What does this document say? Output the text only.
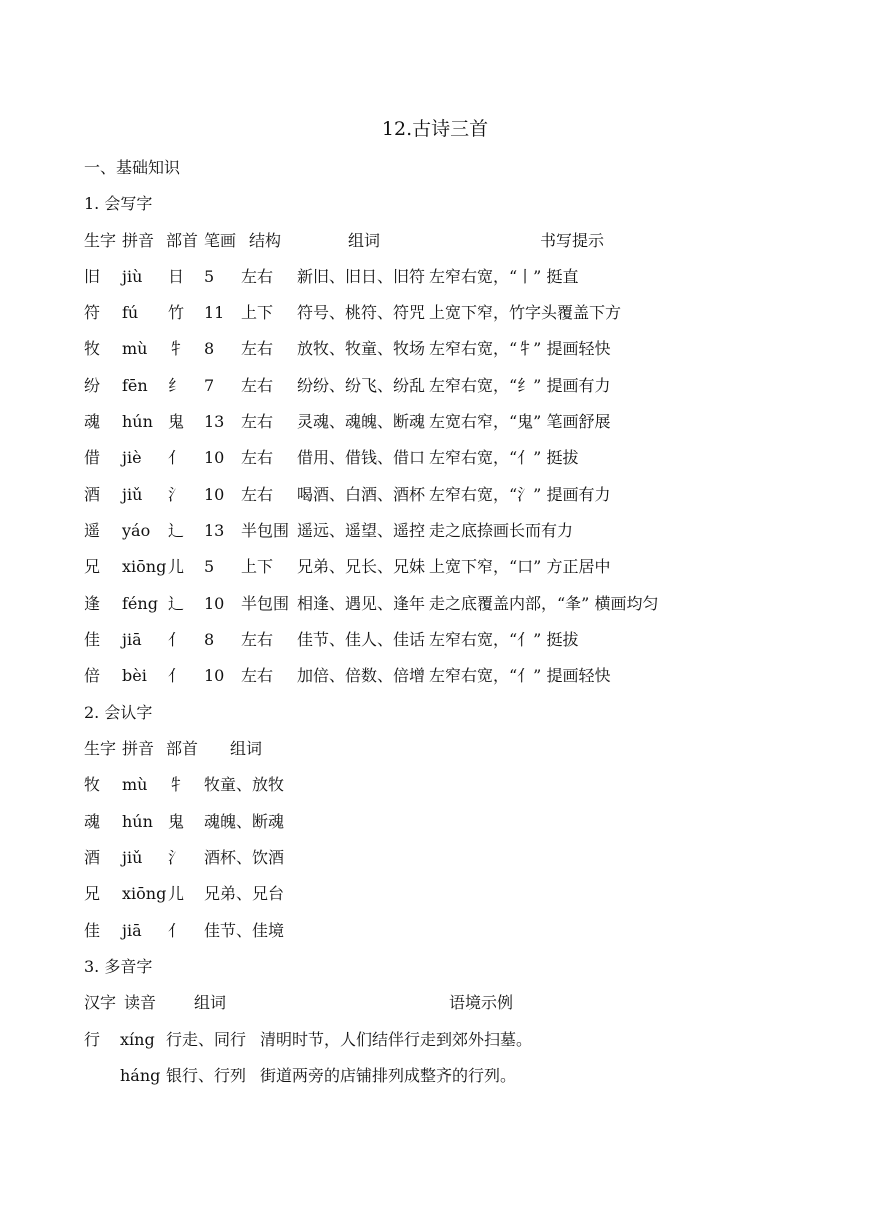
12.古诗三首
一、基础知识
1. 会写字
生字 拼音 部首 笔画 结构	组词	书写提示
旧 jiù 日 5 左右 新旧、旧日、旧符 左窄右宽，“丨” 挺直
符 fú 竹 11 上下 符号、桃符、符咒 上宽下窄，竹字头覆盖下方
牧 mù 牜 8 左右 放牧、牧童、牧场 左窄右宽，“牜” 提画轻快
纷 fēn 纟 7 左右 纷纷、纷飞、纷乱 左窄右宽，“纟” 提画有力
魂 hún 鬼 13 左右 灵魂、魂魄、断魂 左宽右窄，“鬼” 笔画舒展
借 jiè 亻 10 左右 借用、借钱、借口 左窄右宽，“亻” 挺拔
酒 jiǔ 氵 10 左右 喝酒、白酒、酒杯 左窄右宽，“氵” 提画有力
遥 yáo 辶 13 半包围 遥远、遥望、遥控 走之底捺画长而有力
兄 xiōng 儿 5 上下 兄弟、兄长、兄妹 上宽下窄，“口” 方正居中
逢 féng 辶 10 半包围 相逢、遇见、逢年 走之底覆盖内部，“夆” 横画均匀
佳 jiā 亻 8 左右 佳节、佳人、佳话 左窄右宽，“亻” 挺拔
倍 bèi 亻 10 左右 加倍、倍数、倍增 左窄右宽，“亻” 提画轻快
2. 会认字
生字 拼音 部首 组词
牧 mù 牜 牧童、放牧
魂 hún 鬼 魂魄、断魂
酒 jiǔ 氵 酒杯、饮酒
兄 xiōng 儿 兄弟、兄台
佳 jiā 亻 佳节、佳境
3. 多音字
汉字 读音 组词	语境示例
行 xíng 行走、同行 清明时节，人们结伴行走到郊外扫墓。
háng 银行、行列 街道两旁的店铺排列成整齐的行列。
